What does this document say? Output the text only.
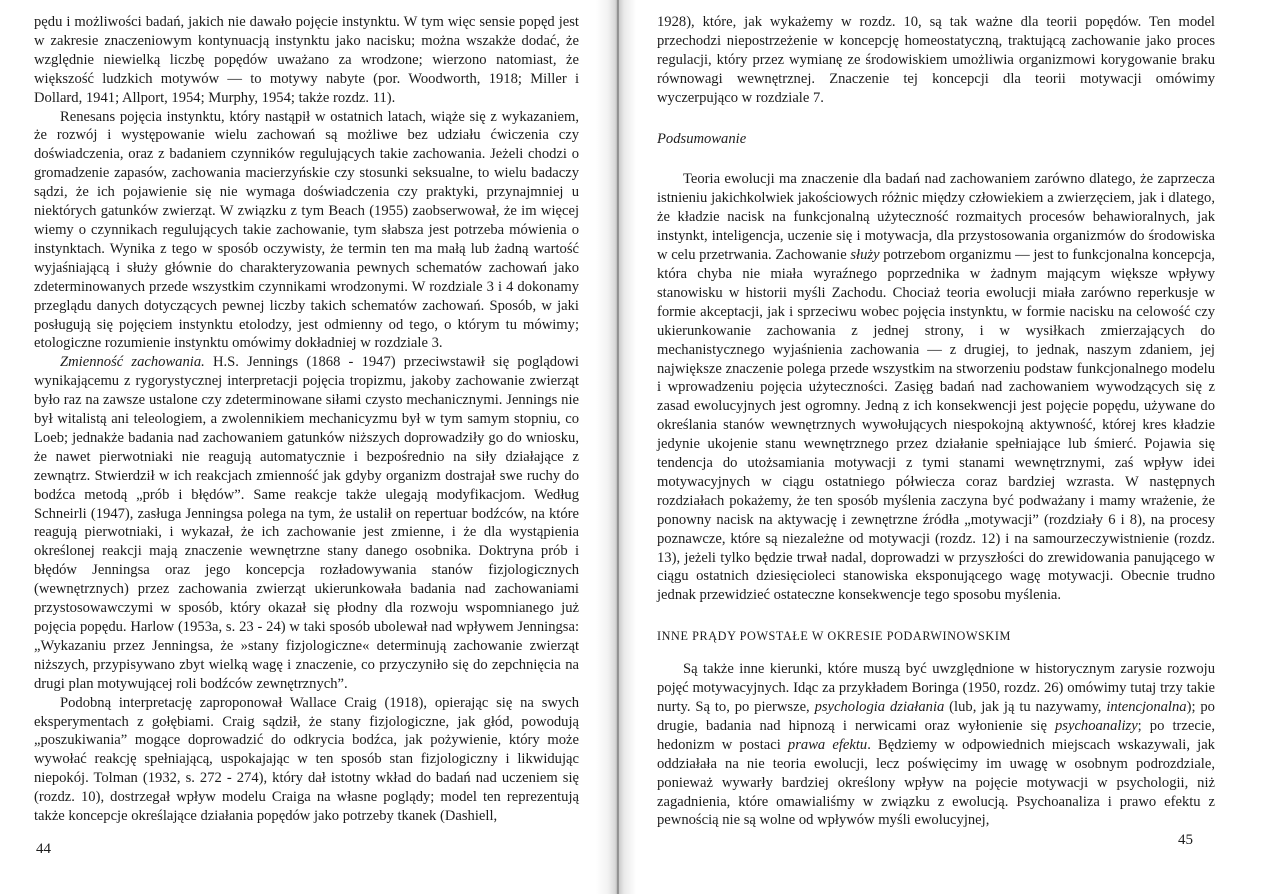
pędu i możliwości badań, jakich nie dawało pojęcie instynktu. W tym więc sensie popęd jest w zakresie znaczeniowym kontynuacją instynktu jako nacisku; można wszakże dodać, że względnie niewielką liczbę popędów uważano za wrodzone; wierzono natomiast, że większość ludzkich motywów — to motywy nabyte (por. Woodworth, 1918; Miller i Dollard, 1941; Allport, 1954; Murphy, 1954; także rozdz. 11).

Renesans pojęcia instynktu, który nastąpił w ostatnich latach, wiąże się z wykazaniem, że rozwój i występowanie wielu zachowań są możliwe bez udziału ćwiczenia czy doświadczenia, oraz z badaniem czynników regulujących takie zachowania. Jeżeli chodzi o gromadzenie zapasów, zachowania macierzyńskie czy stosunki seksualne, to wielu badaczy sądzi, że ich pojawienie się nie wymaga doświadczenia czy praktyki, przynajmniej u niektórych gatunków zwierząt. W związku z tym Beach (1955) zaobserwował, że im więcej wiemy o czynnikach regulujących takie zachowanie, tym słabsza jest potrzeba mówienia o instynktach. Wynika z tego w sposób oczywisty, że termin ten ma małą lub żadną wartość wyjaśniającą i służy głównie do charakteryzowania pewnych schematów zachowań jako zdeterminowanych przede wszystkim czynnikami wrodzonymi. W rozdziale 3 i 4 dokonamy przeglądu danych dotyczących pewnej liczby takich schematów zachowań. Sposób, w jaki posługują się pojęciem instynktu etolodzy, jest odmienny od tego, o którym tu mówimy; etologiczne rozumienie instynktu omówimy dokładniej w rozdziale 3.

Zmienność zachowania. H.S. Jennings (1868 - 1947) przeciwstawił się poglądowi wynikającemu z rygorystycznej interpretacji pojęcia tropizmu, jakoby zachowanie zwierząt było raz na zawsze ustalone czy zdeterminowane siłami czysto mechanicznymi. Jennings nie był witalistą ani teleologiem, a zwolennikiem mechanicyzmu był w tym samym stopniu, co Loeb; jednakże badania nad zachowaniem gatunków niższych doprowadziły go do wniosku, że nawet pierwotniaki nie reagują automatycznie i bezpośrednio na siły działające z zewnątrz. Stwierdził w ich reakcjach zmienność jak gdyby organizm dostrajał swe ruchy do bodźca metodą „prób i błędów”. Same reakcje także ulegają modyfikacjom. Według Schneirli (1947), zasługa Jenningsa polega na tym, że ustalił on repertuar bodźców, na które reagują pierwotniaki, i wykazał, że ich zachowanie jest zmienne, i że dla wystąpienia określonej reakcji mają znaczenie wewnętrzne stany danego osobnika. Doktryna prób i błędów Jenningsa oraz jego koncepcja rozładowywania stanów fizjologicznych (wewnętrznych) przez zachowania zwierząt ukierunkowała badania nad zachowaniami przystosowawczymi w sposób, który okazał się płodny dla rozwoju wspomnianego już pojęcia popędu. Harlow (1953a, s. 23 - 24) w taki sposób ubolewał nad wpływem Jenningsa: „Wykazaniu przez Jenningsa, że »stany fizjologiczne« determinują zachowanie zwierząt niższych, przypisywano zbyt wielką wagę i znaczenie, co przyczyniło się do zepchnięcia na drugi plan motywującej roli bodźców zewnętrznych”.

Podobną interpretację zaproponował Wallace Craig (1918), opierając się na swych eksperymentach z gołębiami. Craig sądził, że stany fizjologiczne, jak głód, powodują „poszukiwania” mogące doprowadzić do odkrycia bodźca, jak pożywienie, który może wywołać reakcję spełniającą, uspokajając w ten sposób stan fizjologiczny i likwidując niepokój. Tolman (1932, s. 272 - 274), który dał istotny wkład do badań nad uczeniem się (rozdz. 10), dostrzegał wpływ modelu Craiga na własne poglądy; model ten reprezentują także koncepcje określające działania popędów jako potrzeby tkanek (Dashiell,

44

1928), które, jak wykażemy w rozdz. 10, są tak ważne dla teorii popędów. Ten model przechodzi niepostrzeżenie w koncepcję homeostatyczną, traktującą zachowanie jako proces regulacji, który przez wymianę ze środowiskiem umożliwia organizmowi korygowanie braku równowagi wewnętrznej. Znaczenie tej koncepcji dla teorii motywacji omówimy wyczerpująco w rozdziale 7.

Podsumowanie

Teoria ewolucji ma znaczenie dla badań nad zachowaniem zarówno dlatego, że zaprzecza istnieniu jakichkolwiek jakościowych różnic między człowiekiem a zwierzęciem, jak i dlatego, że kładzie nacisk na funkcjonalną użyteczność rozmaitych procesów behawioralnych, jak instynkt, inteligencja, uczenie się i motywacja, dla przystosowania organizmów do środowiska w celu przetrwania. Zachowanie służy potrzebom organizmu — jest to funkcjonalna koncepcja, która chyba nie miała wyraźnego poprzednika w żadnym mającym większe wpływy stanowisku w historii myśli Zachodu. Chociaż teoria ewolucji miała zarówno reperkusje w formie akceptacji, jak i sprzeciwu wobec pojęcia instynktu, w formie nacisku na celowość czy ukierunkowanie zachowania z jednej strony, i w wysiłkach zmierzających do mechanistycznego wyjaśnienia zachowania — z drugiej, to jednak, naszym zdaniem, jej największe znaczenie polega przede wszystkim na stworzeniu podstaw funkcjonalnego modelu i wprowadzeniu pojęcia użyteczności. Zasięg badań nad zachowaniem wywodzących się z zasad ewolucyjnych jest ogromny. Jedną z ich konsekwencji jest pojęcie popędu, używane do określania stanów wewnętrznych wywołujących niespokojną aktywność, której kres kładzie jedynie ukojenie stanu wewnętrznego przez działanie spełniające lub śmierć. Pojawia się tendencja do utożsamiania motywacji z tymi stanami wewnętrznymi, zaś wpływ idei motywacyjnych w ciągu ostatniego półwiecza coraz bardziej wzrasta. W następnych rozdziałach pokażemy, że ten sposób myślenia zaczyna być podważany i mamy wrażenie, że ponowny nacisk na aktywację i zewnętrzne źródła „motywacji” (rozdziały 6 i 8), na procesy poznawcze, które są niezależne od motywacji (rozdz. 12) i na samourzeczywistnienie (rozdz. 13), jeżeli tylko będzie trwał nadal, doprowadzi w przyszłości do zrewidowania panującego w ciągu ostatnich dziesięcioleci stanowiska eksponującego wagę motywacji. Obecnie trudno jednak przewidzieć ostateczne konsekwencje tego sposobu myślenia.

INNE PRĄDY POWSTAŁE W OKRESIE PODARWINOWSKIM

Są także inne kierunki, które muszą być uwzględnione w historycznym zarysie rozwoju pojęć motywacyjnych. Idąc za przykładem Boringa (1950, rozdz. 26) omówimy tutaj trzy takie nurty. Są to, po pierwsze, psychologia działania (lub, jak ją tu nazywamy, intencjonalna); po drugie, badania nad hipnozą i nerwicami oraz wyłonienie się psychoanalizy; po trzecie, hedonizm w postaci prawa efektu. Będziemy w odpowiednich miejscach wskazywali, jak oddziałała na nie teoria ewolucji, lecz poświęcimy im uwagę w osobnym podrozdziale, ponieważ wywarły bardziej określony wpływ na pojęcie motywacji w psychologii, niż zagadnienia, które omawialiśmy w związku z ewolucją. Psychoanaliza i prawo efektu z pewnością nie są wolne od wpływów myśli ewolucyjnej,

45
